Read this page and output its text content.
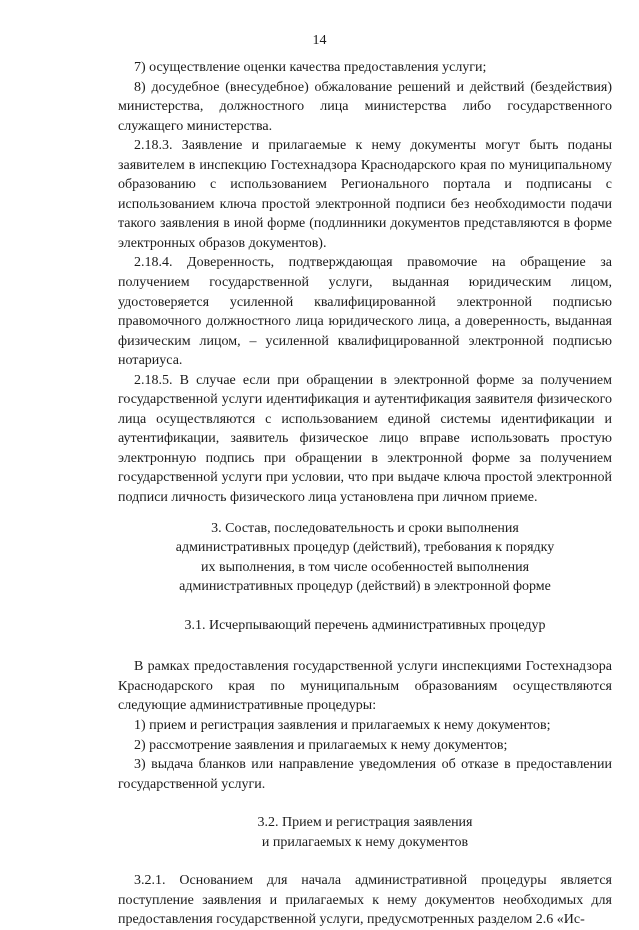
14

7) осуществление оценки качества предоставления услуги;

8) досудебное (внесудебное) обжалование решений и действий (бездействия) министерства, должностного лица министерства либо государственного служащего министерства.

2.18.3. Заявление и прилагаемые к нему документы могут быть поданы заявителем в инспекцию Гостехнадзора Краснодарского края по муниципальному образованию с использованием Регионального портала и подписаны с использованием ключа простой электронной подписи без необходимости подачи такого заявления в иной форме (подлинники документов представляются в форме электронных образов документов).

2.18.4. Доверенность, подтверждающая правомочие на обращение за получением государственной услуги, выданная юридическим лицом, удостоверяется усиленной квалифицированной электронной подписью правомочного должностного лица юридического лица, а доверенность, выданная физическим лицом, – усиленной квалифицированной электронной подписью нотариуса.

2.18.5. В случае если при обращении в электронной форме за получением государственной услуги идентификация и аутентификация заявителя физического лица осуществляются с использованием единой системы идентификации и аутентификации, заявитель физическое лицо вправе использовать простую электронную подпись при обращении в электронной форме за получением государственной услуги при условии, что при выдаче ключа простой электронной подписи личность физического лица установлена при личном приеме.

3. Состав, последовательность и сроки выполнения

административных процедур (действий), требования к порядку

их выполнения, в том числе особенностей выполнения

административных процедур (действий) в электронной форме

3.1. Исчерпывающий перечень административных процедур

В рамках предоставления государственной услуги инспекциями Гостехнадзора Краснодарского края по муниципальным образованиям осуществляются следующие административные процедуры:

1) прием и регистрация заявления и прилагаемых к нему документов;

2) рассмотрение заявления и прилагаемых к нему документов;

3) выдача бланков или направление уведомления об отказе в предоставлении государственной услуги.

3.2. Прием и регистрация заявления

и прилагаемых к нему документов

3.2.1. Основанием для начала административной процедуры является поступление заявления и прилагаемых к нему документов необходимых для предоставления государственной услуги, предусмотренных разделом 2.6 «Ис-
